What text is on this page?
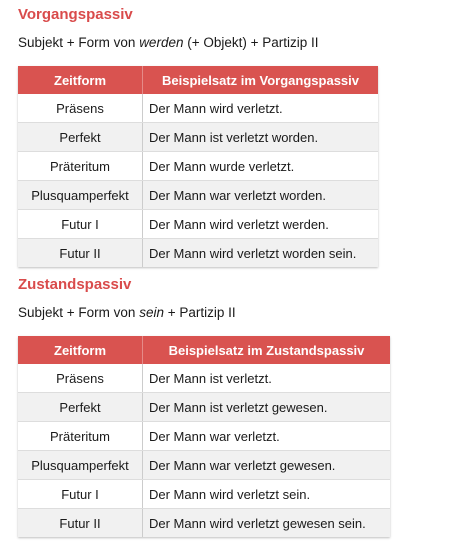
Vorgangspassiv

Subjekt + Form von werden (+ Objekt) + Partizip II

Zeitform	Beispielsatz im Vorgangspassiv
Präsens	Der Mann wird verletzt.
Perfekt	Der Mann ist verletzt worden.
Präteritum	Der Mann wurde verletzt.
Plusquamperfekt	Der Mann war verletzt worden.
Futur I	Der Mann wird verletzt werden.
Futur II	Der Mann wird verletzt worden sein.
Zustandspassiv

Subjekt + Form von sein + Partizip II

Zeitform	Beispielsatz im Zustandspassiv
Präsens	Der Mann ist verletzt.
Perfekt	Der Mann ist verletzt gewesen.
Präteritum	Der Mann war verletzt.
Plusquamperfekt	Der Mann war verletzt gewesen.
Futur I	Der Mann wird verletzt sein.
Futur II	Der Mann wird verletzt gewesen sein.
